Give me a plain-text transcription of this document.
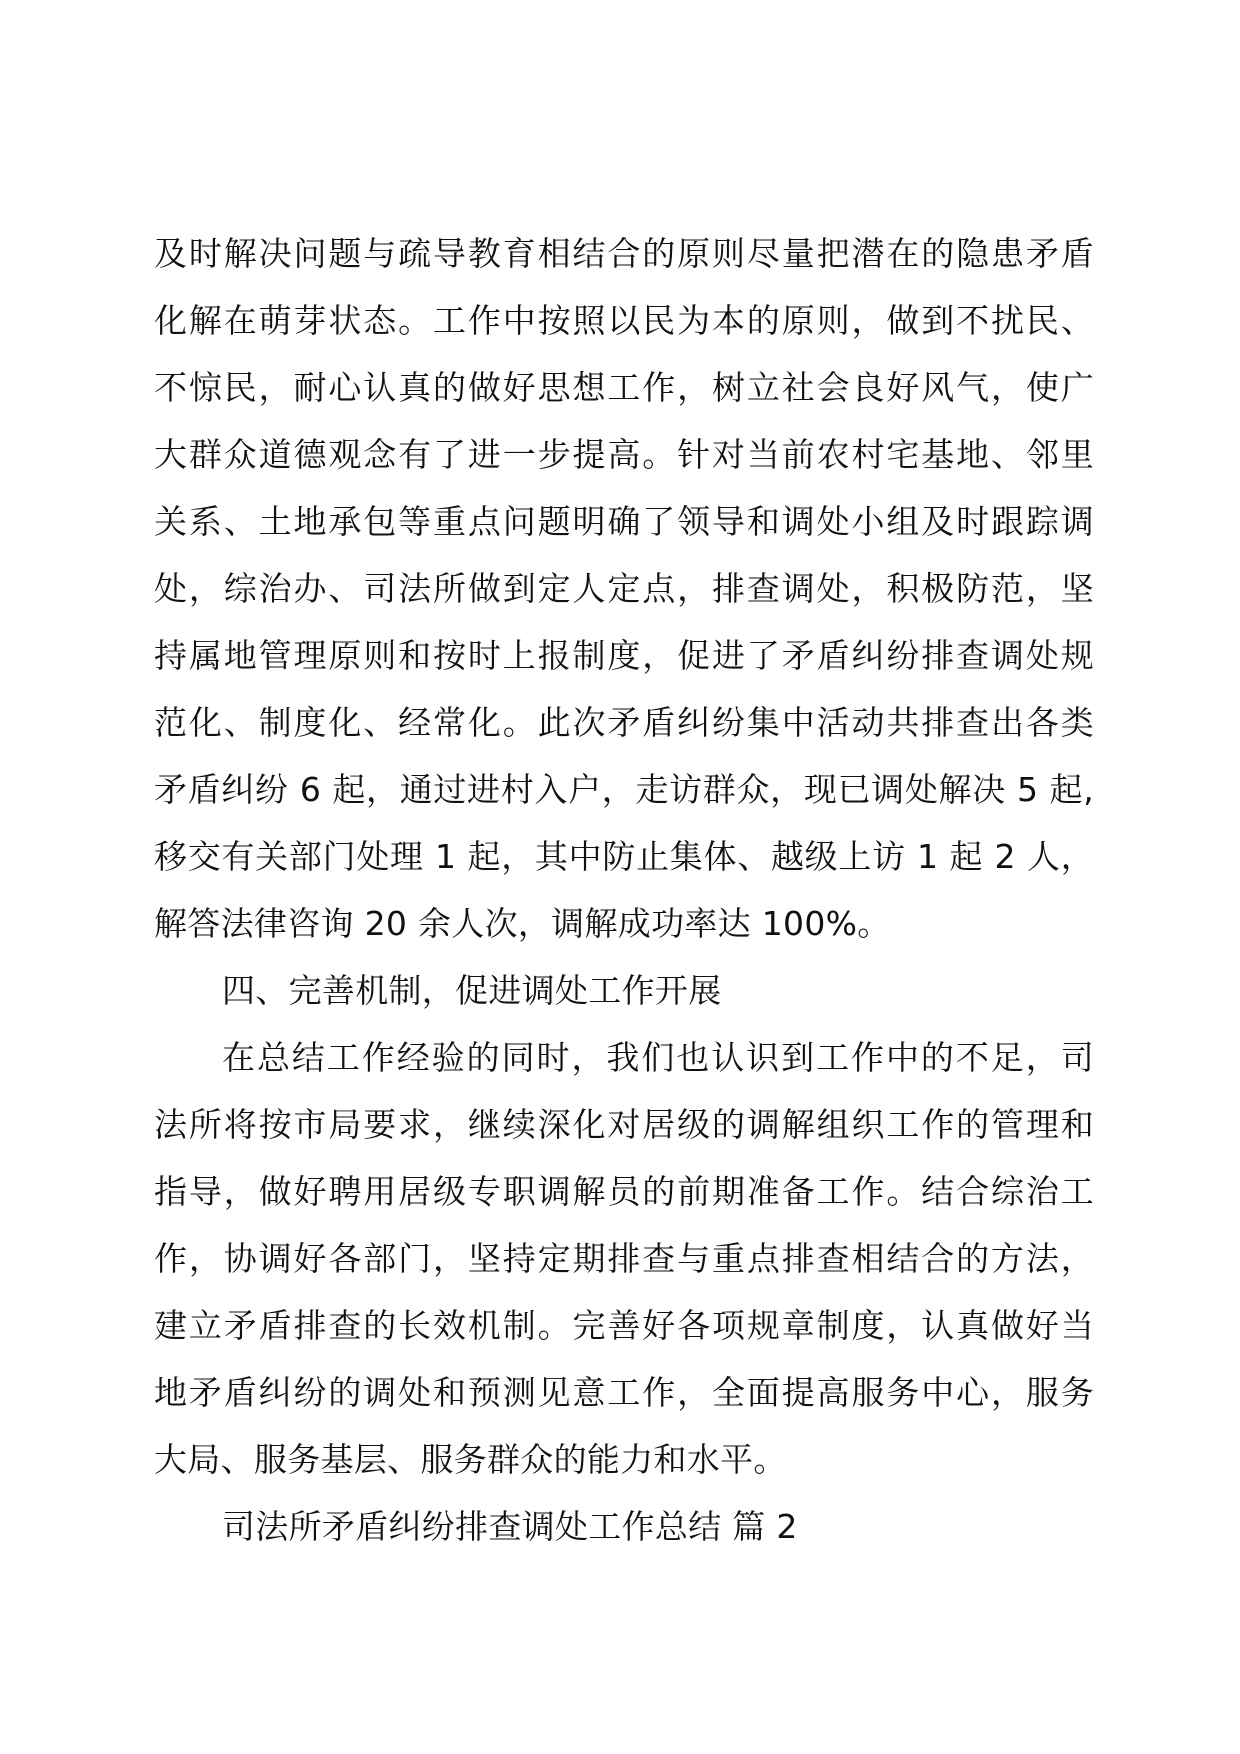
及时解决问题与疏导教育相结合的原则尽量把潜在的隐患矛盾
化解在萌芽状态。工作中按照以民为本的原则，做到不扰民、
不惊民，耐心认真的做好思想工作，树立社会良好风气，使广
大群众道德观念有了进一步提高。针对当前农村宅基地、邻里
关系、土地承包等重点问题明确了领导和调处小组及时跟踪调
处，综治办、司法所做到定人定点，排查调处，积极防范，坚
持属地管理原则和按时上报制度，促进了矛盾纠纷排查调处规
范化、制度化、经常化。此次矛盾纠纷集中活动共排查出各类
矛盾纠纷 6 起，通过进村入户，走访群众，现已调处解决 5 起,
移交有关部门处理 1 起，其中防止集体、越级上访 1 起 2 人，
解答法律咨询 20 余人次，调解成功率达 100%。
四、完善机制，促进调处工作开展
在总结工作经验的同时，我们也认识到工作中的不足，司
法所将按市局要求，继续深化对居级的调解组织工作的管理和
指导，做好聘用居级专职调解员的前期准备工作。结合综治工
作，协调好各部门，坚持定期排查与重点排查相结合的方法，
建立矛盾排查的长效机制。完善好各项规章制度，认真做好当
地矛盾纠纷的调处和预测见意工作，全面提高服务中心，服务
大局、服务基层、服务群众的能力和水平。
司法所矛盾纠纷排查调处工作总结 篇 2
